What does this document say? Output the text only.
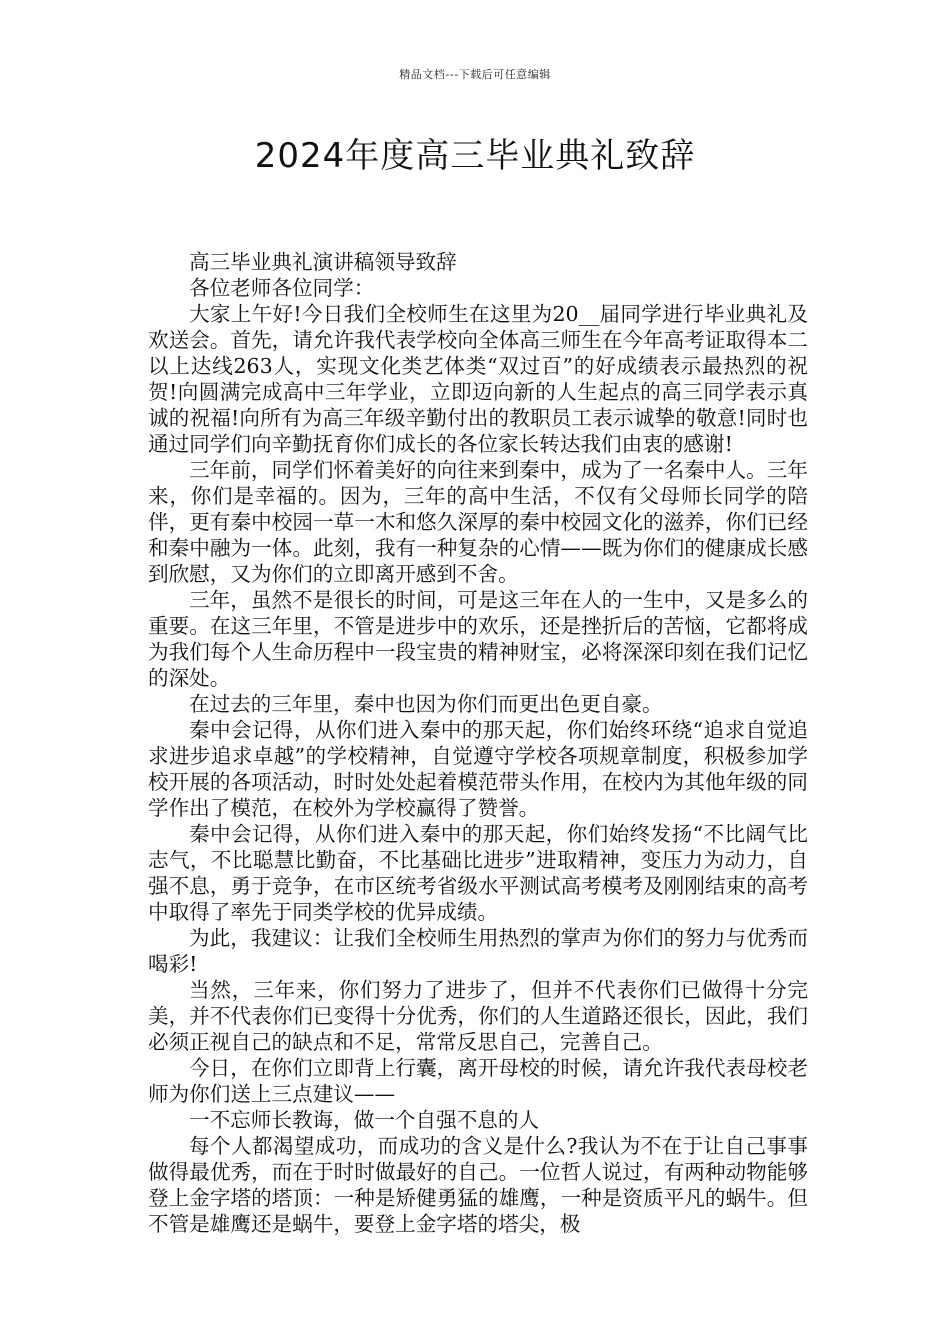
精品文档---下载后可任意编辑
2024年度高三毕业典礼致辞

高三毕业典礼演讲稿领导致辞

各位老师各位同学：

大家上午好!今日我们全校师生在这里为20__届同学进行毕业典礼及欢送会。首先，请允许我代表学校向全体高三师生在今年高考证取得本二以上达线263人，实现文化类艺体类“双过百”的好成绩表示最热烈的祝贺!向圆满完成高中三年学业，立即迈向新的人生起点的高三同学表示真诚的祝福!向所有为高三年级辛勤付出的教职员工表示诚挚的敬意!同时也通过同学们向辛勤抚育你们成长的各位家长转达我们由衷的感谢!

三年前，同学们怀着美好的向往来到秦中，成为了一名秦中人。三年来，你们是幸福的。因为，三年的高中生活，不仅有父母师长同学的陪伴，更有秦中校园一草一木和悠久深厚的秦中校园文化的滋养，你们已经和秦中融为一体。此刻，我有一种复杂的心情——既为你们的健康成长感到欣慰，又为你们的立即离开感到不舍。

三年，虽然不是很长的时间，可是这三年在人的一生中，又是多么的重要。在这三年里，不管是进步中的欢乐，还是挫折后的苦恼，它都将成为我们每个人生命历程中一段宝贵的精神财宝，必将深深印刻在我们记忆的深处。

在过去的三年里，秦中也因为你们而更出色更自豪。

秦中会记得，从你们进入秦中的那天起，你们始终环绕“追求自觉追求进步追求卓越”的学校精神，自觉遵守学校各项规章制度，积极参加学校开展的各项活动，时时处处起着模范带头作用，在校内为其他年级的同学作出了模范，在校外为学校赢得了赞誉。

秦中会记得，从你们进入秦中的那天起，你们始终发扬“不比阔气比志气，不比聪慧比勤奋，不比基础比进步”进取精神，变压力为动力，自强不息，勇于竞争，在市区统考省级水平测试高考模考及刚刚结束的高考中取得了率先于同类学校的优异成绩。

为此，我建议：让我们全校师生用热烈的掌声为你们的努力与优秀而喝彩!

当然，三年来，你们努力了进步了，但并不代表你们已做得十分完美，并不代表你们已变得十分优秀，你们的人生道路还很长，因此，我们必须正视自己的缺点和不足，常常反思自己，完善自己。

今日，在你们立即背上行囊，离开母校的时候，请允许我代表母校老师为你们送上三点建议——

一不忘师长教诲，做一个自强不息的人

每个人都渴望成功，而成功的含义是什么?我认为不在于让自己事事做得最优秀，而在于时时做最好的自己。一位哲人说过，有两种动物能够登上金字塔的塔顶：一种是矫健勇猛的雄鹰，一种是资质平凡的蜗牛。但不管是雄鹰还是蜗牛，要登上金字塔的塔尖，极
